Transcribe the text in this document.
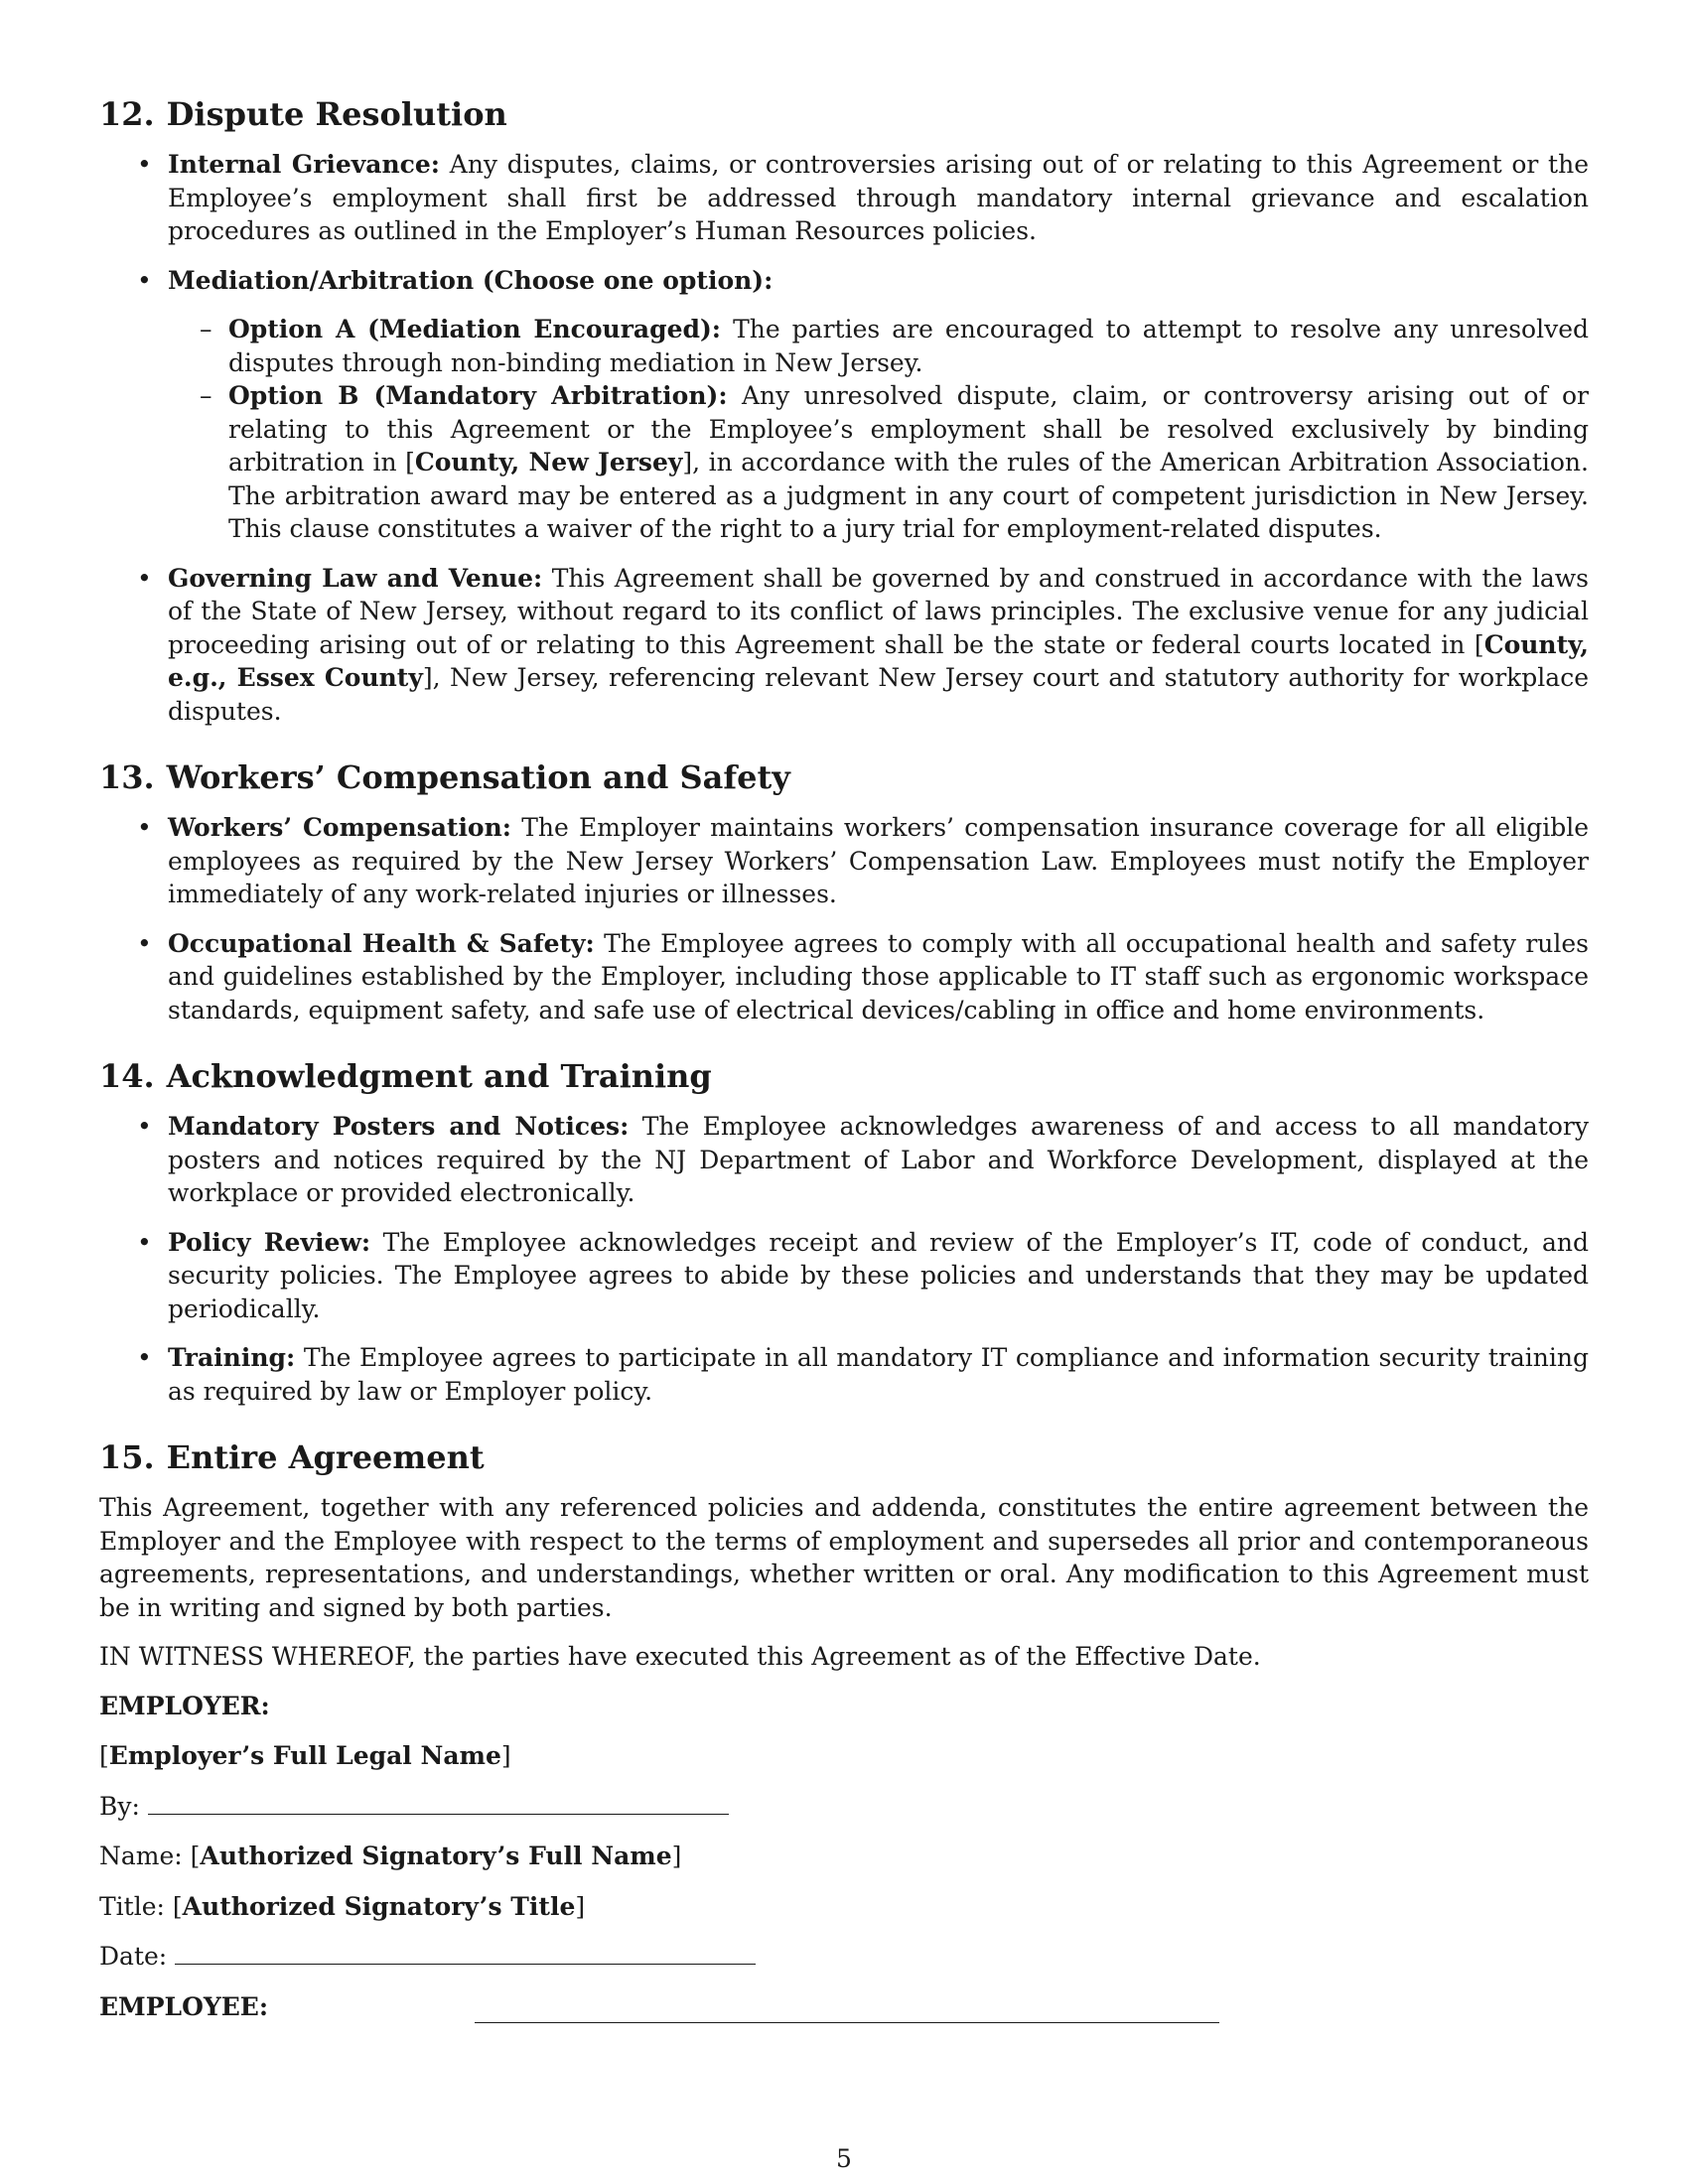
12. Dispute Resolution
• Internal Grievance: Any disputes, claims, or controversies arising out of or relating to this Agreement or the Employee’s employment shall first be addressed through mandatory internal grievance and escalation procedures as outlined in the Employer’s Human Resources policies.
• Mediation/Arbitration (Choose one option):
– Option A (Mediation Encouraged): The parties are encouraged to attempt to resolve any unresolved disputes through non-binding mediation in New Jersey.
– Option B (Mandatory Arbitration): Any unresolved dispute, claim, or controversy arising out of or relating to this Agreement or the Employee’s employment shall be resolved exclusively by binding arbitration in [County, New Jersey], in accordance with the rules of the American Arbitration Association. The arbitration award may be entered as a judgment in any court of competent jurisdiction in New Jersey. This clause constitutes a waiver of the right to a jury trial for employment-related disputes.
• Governing Law and Venue: This Agreement shall be governed by and construed in accordance with the laws of the State of New Jersey, without regard to its conflict of laws principles. The exclusive venue for any judicial proceeding arising out of or relating to this Agreement shall be the state or federal courts located in [County, e.g., Essex County], New Jersey, referencing relevant New Jersey court and statutory authority for workplace disputes.
13. Workers’ Compensation and Safety
• Workers’ Compensation: The Employer maintains workers’ compensation insurance coverage for all eligible employees as required by the New Jersey Workers’ Compensation Law. Employees must notify the Employer immediately of any work-related injuries or illnesses.
• Occupational Health & Safety: The Employee agrees to comply with all occupational health and safety rules and guidelines established by the Employer, including those applicable to IT staff such as ergonomic workspace standards, equipment safety, and safe use of electrical devices/cabling in office and home environments.
14. Acknowledgment and Training
• Mandatory Posters and Notices: The Employee acknowledges awareness of and access to all mandatory posters and notices required by the NJ Department of Labor and Workforce Development, displayed at the workplace or provided electronically.
• Policy Review: The Employee acknowledges receipt and review of the Employer’s IT, code of conduct, and security policies. The Employee agrees to abide by these policies and understands that they may be updated periodically.
• Training: The Employee agrees to participate in all mandatory IT compliance and information security training as required by law or Employer policy.
15. Entire Agreement

This Agreement, together with any referenced policies and addenda, constitutes the entire agreement between the Employer and the Employee with respect to the terms of employment and supersedes all prior and contemporaneous agreements, representations, and understandings, whether written or oral. Any modification to this Agreement must be in writing and signed by both parties.

IN WITNESS WHEREOF, the parties have executed this Agreement as of the Effective Date.

EMPLOYER:

[Employer’s Full Legal Name]

By:

Name: [Authorized Signatory’s Full Name]

Title: [Authorized Signatory’s Title]

Date:

EMPLOYEE:

5
